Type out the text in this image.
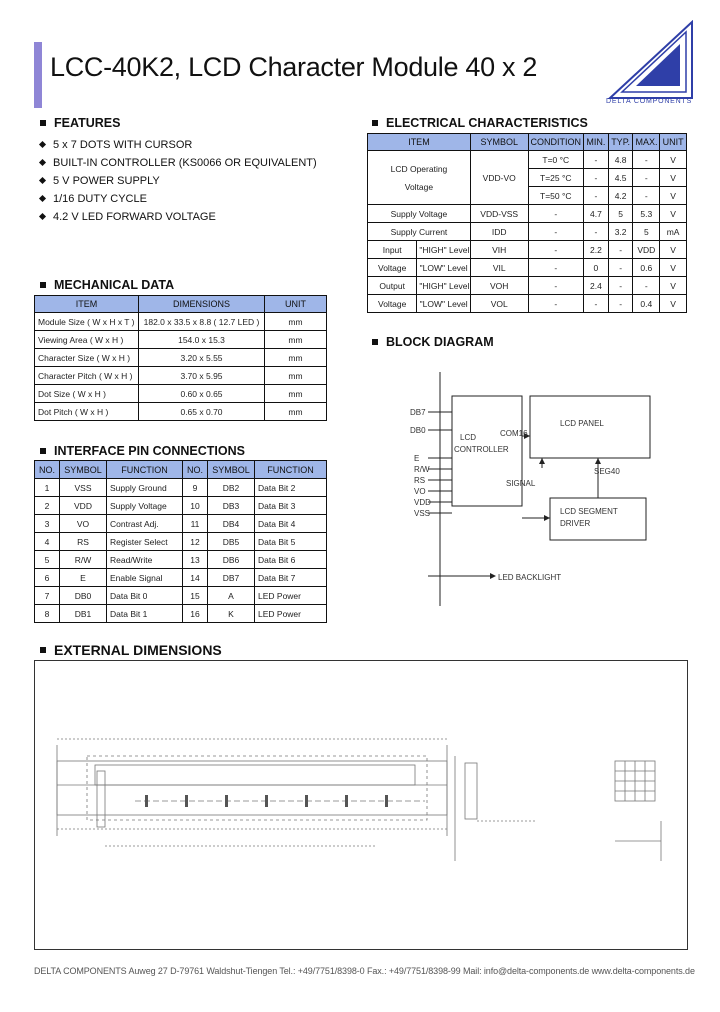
LCC-40K2, LCD Character Module 40 x 2
DELTA COMPONENTS
FEATURES
5 x 7 DOTS WITH CURSOR
BUILT-IN CONTROLLER (KS0066 OR EQUIVALENT)
5 V POWER SUPPLY
1/16 DUTY CYCLE
4.2 V LED FORWARD VOLTAGE
ELECTRICAL CHARACTERISTICS
ITEM		SYMBOL	CONDITION	MIN.	TYP.	MAX.	UNIT
LCD Operating Voltage		VDD-VO	T=0 °C	-	4.8	-	V
			T=25 °C	-	4.5	-	V
			T=50 °C	-	4.2	-	V
Supply Voltage		VDD-VSS	-	4.7	5	5.3	V
Supply Current		IDD	-	-	3.2	5	mA
Input	"HIGH" Level	VIH	-	2.2	-	VDD	V
Voltage	"LOW" Level	VIL	-	0	-	0.6	V
Output	"HIGH" Level	VOH	-	2.4	-	-	V
Voltage	"LOW" Level	VOL	-	-	-	0.4	V
MECHANICAL DATA
ITEM	DIMENSIONS	UNIT
Module Size ( W x H x T )	182.0 x 33.5 x 8.8 ( 12.7 LED )	mm
Viewing Area ( W x H )	154.0 x 15.3	mm
Character Size ( W x H )	3.20 x 5.55	mm
Character Pitch ( W x H )	3.70 x 5.95	mm
Dot Size ( W x H )	0.60 x 0.65	mm
Dot Pitch ( W x H )	0.65 x 0.70	mm
INTERFACE PIN CONNECTIONS
NO.	SYMBOL	FUNCTION	NO.	SYMBOL	FUNCTION
1	VSS	Supply Ground	9	DB2	Data Bit 2
2	VDD	Supply Voltage	10	DB3	Data Bit 3
3	VO	Contrast Adj.	11	DB4	Data Bit 4
4	RS	Register Select	12	DB5	Data Bit 5
5	R/W	Read/Write	13	DB6	Data Bit 6
6	E	Enable Signal	14	DB7	Data Bit 7
7	DB0	Data Bit 0	15	A	LED Power
8	DB1	Data Bit 1	16	K	LED Power
BLOCK DIAGRAM
DB7
DB0
E
R/W
RS
VO
VDD
VSS
LCD
CONTROLLER
COM16
LCD PANEL
SEG40
SIGNAL
LCD SEGMENT
DRIVER
LED BACKLIGHT
EXTERNAL DIMENSIONS
DELTA COMPONENTS Auweg 27 D-79761 Waldshut-Tiengen Tel.: +49/7751/8398-0 Fax.: +49/7751/8398-99 Mail: info@delta-components.de www.delta-components.de
